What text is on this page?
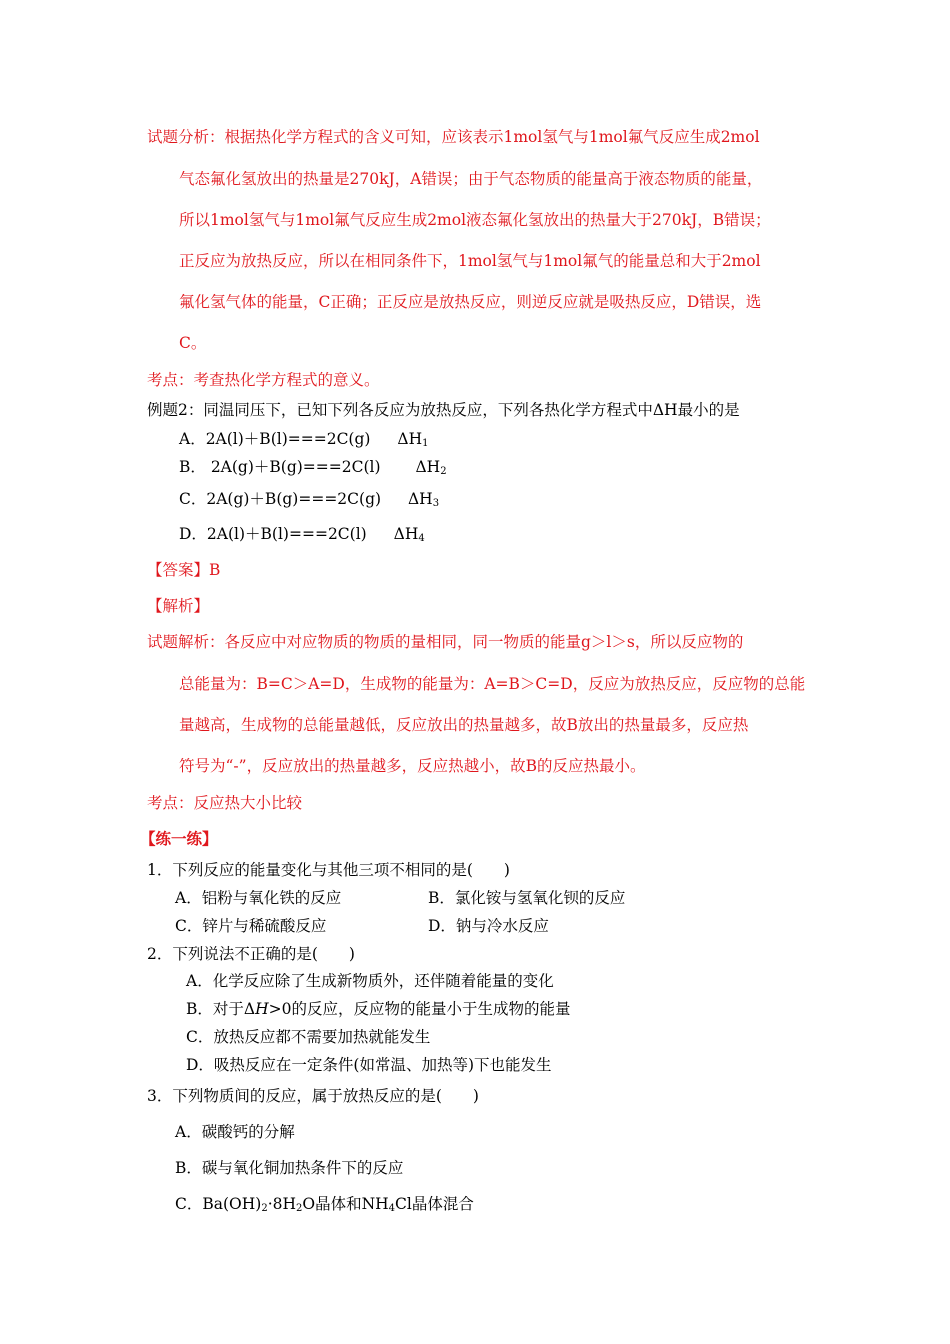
试题分析：根据热化学方程式的含义可知，应该表示1mol氢气与1mol氟气反应生成2mol
气态氟化氢放出的热量是270kJ，A错误；由于气态物质的能量高于液态物质的能量，
所以1mol氢气与1mol氟气反应生成2mol液态氟化氢放出的热量大于270kJ，B错误；
正反应为放热反应，所以在相同条件下，1mol氢气与1mol氟气的能量总和大于2mol
氟化氢气体的能量，C正确；正反应是放热反应，则逆反应就是吸热反应，D错误，选
C。
考点：考查热化学方程式的意义。
例题2：同温同压下，已知下列各反应为放热反应，下列各热化学方程式中ΔH最小的是
A．2A(l)＋B(l)===2C(g) $\Delta H_1$
B． 2A(g)＋B(g)===2C(l) $\Delta H_2$
C．2A(g)＋B(g)===2C(g) $\Delta H_3$
D．2A(l)＋B(l)===2C(l) $\Delta H_4$
【答案】B
【解析】
试题解析：各反应中对应物质的物质的量相同，同一物质的能量g＞l＞s，所以反应物的
总能量为：B=C＞A=D，生成物的能量为：A=B＞C=D，反应为放热反应，反应物的总能
量越高，生成物的总能量越低，反应放出的热量越多，故B放出的热量最多，反应热
符号为“-”，反应放出的热量越多，反应热越小，故B的反应热最小。
考点：反应热大小比较
【练一练】
1．下列反应的能量变化与其他三项不相同的是(　　)
A．铝粉与氧化铁的反应	B．氯化铵与氢氧化钡的反应
C．锌片与稀硫酸反应	D．钠与冷水反应
2．下列说法不正确的是(　　)
A．化学反应除了生成新物质外，还伴随着能量的变化
B．对于ΔH>0的反应，反应物的能量小于生成物的能量
C．放热反应都不需要加热就能发生
D．吸热反应在一定条件(如常温、加热等)下也能发生
3．下列物质间的反应，属于放热反应的是(　　)
A．碳酸钙的分解
B．碳与氧化铜加热条件下的反应
C．$Ba(OH)_2\cdot 8H_2O$晶体和$NH_4Cl$晶体混合
